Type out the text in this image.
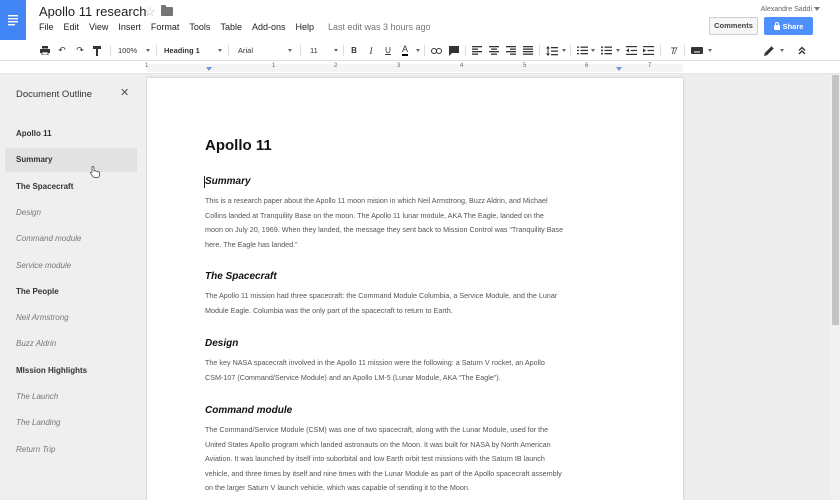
Apollo 11 research
☆
File Edit View Insert Format Tools Table Add-ons Help Last edit was 3 hours ago
Alexandre Saddi
Comments	Share
↶	↷	100%	Heading 1	Arial	11	B	I	U	A	T̸
1	1	2	3	4	5	6	7
Document Outline	✕
Apollo 11
Summary
The Spacecraft
Design
Command module
Service module
The People
Neil Armstrong
Buzz Aldrin
MIssion Highlights
The Launch
The Landing
Return Trip
Apollo 11
Summary
This is a research paper about the Apollo 11 moon mision in which Neil Armstrong, Buzz Aldrin, and Michael
Collins landed at Tranquility Base on the moon. The Apollo 11 lunar module, AKA The Eagle, landed on the
moon on July 20, 1969. When they landed, the message they sent back to Mission Control was “Tranquility Base
here. The Eagle has landed.”
The Spacecraft
The Apollo 11 mission had three spacecraft: the Command Module Columbia, a Service Module, and the Lunar
Module Eagle. Columbia was the only part of the spacecraft to return to Earth.
Design
The key NASA spacecraft involved in the Apollo 11 mission were the following: a Saturn V rocket, an Apollo
CSM-107 (Command/Service Module) and an Apollo LM-5 (Lunar Module, AKA “The Eagle”).
Command module
The Command/Service Module (CSM) was one of two spacecraft, along with the Lunar Module, used for the
United States Apollo program which landed astronauts on the Moon. It was built for NASA by North American
Aviation. It was launched by itself into suborbital and low Earth orbit test missions with the Saturn IB launch
vehicle, and three times by itself and nine times with the Lunar Module as part of the Apollo spacecraft assembly
on the larger Saturn V launch vehicle, which was capable of sending it to the Moon.
